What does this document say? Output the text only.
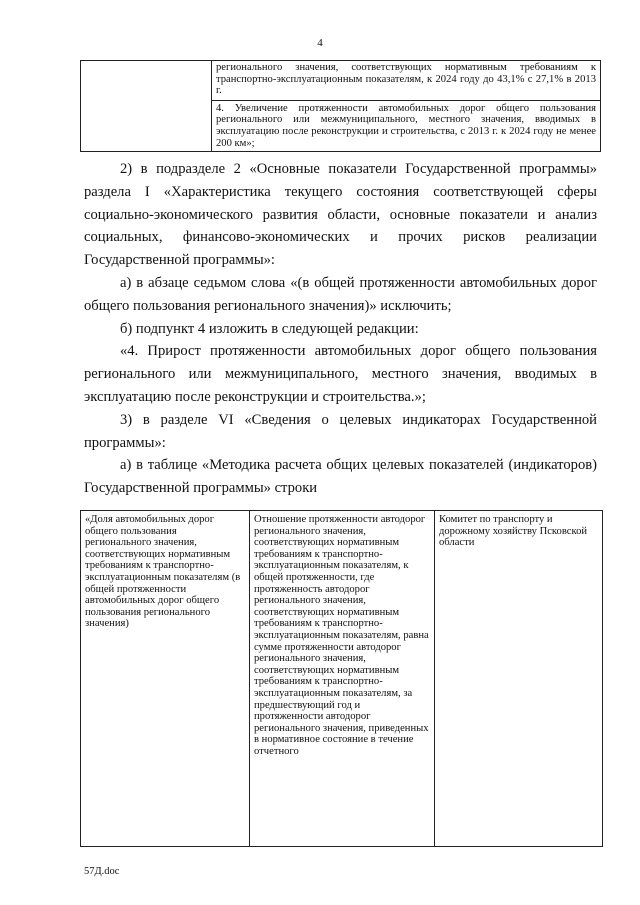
4

регионального значения, соответствующих нормативным требованиям к транспортно-эксплуатационным показателям, к 2024 году до 43,1% с 27,1% в 2013 г.

4. Увеличение протяженности автомобильных дорог общего пользования регионального или межмуниципального, местного значения, вводимых в эксплуатацию после реконструкции и строительства, с 2013 г. к 2024 году не менее 200 км»;

2) в подразделе 2 «Основные показатели Государственной программы» раздела I «Характеристика текущего состояния соответствующей сферы социально-экономического развития области, основные показатели и анализ социальных, финансово-экономических и прочих рисков реализации Государственной программы»:

а) в абзаце седьмом слова «(в общей протяженности автомобильных дорог общего пользования регионального значения)» исключить;

б) подпункт 4 изложить в следующей редакции:

«4. Прирост протяженности автомобильных дорог общего пользования регионального или межмуниципального, местного значения, вводимых в эксплуатацию после реконструкции и строительства.»;

3) в разделе VI «Сведения о целевых индикаторах Государственной программы»:

а) в таблице «Методика расчета общих целевых показателей (индикаторов) Государственной программы» строки

«Доля автомобильных дорог общего пользования регионального значения, соответствующих нормативным требованиям к транспортно-эксплуатационным показателям (в общей протяженности автомобильных дорог общего пользования регионального значения)	Отношение протяженности автодорог регионального значения, соответствующих нормативным требованиям к транспортно-эксплуатационным показателям, к общей протяженности, где протяженность автодорог регионального значения, соответствующих нормативным требованиям к транспортно-эксплуатационным показателям, равна сумме протяженности автодорог регионального значения, соответствующих нормативным требованиям к транспортно-эксплуатационным показателям, за предшествующий год и протяженности автодорог регионального значения, приведенных в нормативное состояние в течение отчетного	Комитет по транспорту и дорожному хозяйству Псковской области
57Д.doc
